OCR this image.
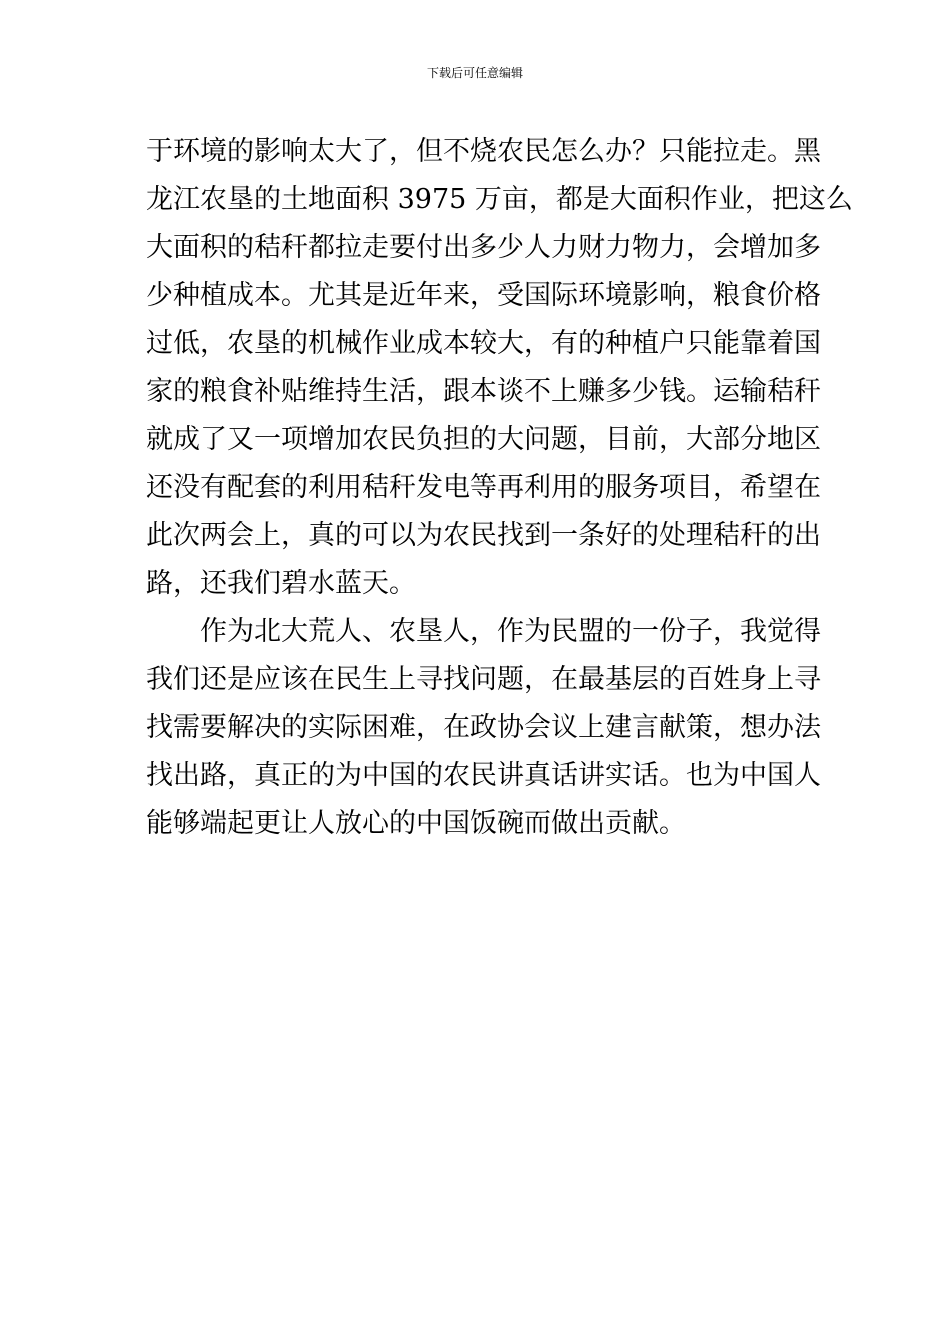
下载后可任意编辑
于环境的影响太大了，但不烧农民怎么办？只能拉走。黑
龙江农垦的土地面积 3975 万亩，都是大面积作业，把这么
大面积的秸秆都拉走要付出多少人力财力物力，会增加多
少种植成本。尤其是近年来，受国际环境影响，粮食价格
过低，农垦的机械作业成本较大，有的种植户只能靠着国
家的粮食补贴维持生活，跟本谈不上赚多少钱。运输秸秆
就成了又一项增加农民负担的大问题，目前，大部分地区
还没有配套的利用秸秆发电等再利用的服务项目，希望在
此次两会上，真的可以为农民找到一条好的处理秸秆的出
路，还我们碧水蓝天。
作为北大荒人、农垦人，作为民盟的一份子，我觉得
我们还是应该在民生上寻找问题，在最基层的百姓身上寻
找需要解决的实际困难，在政协会议上建言献策，想办法
找出路，真正的为中国的农民讲真话讲实话。也为中国人
能够端起更让人放心的中国饭碗而做出贡献。
